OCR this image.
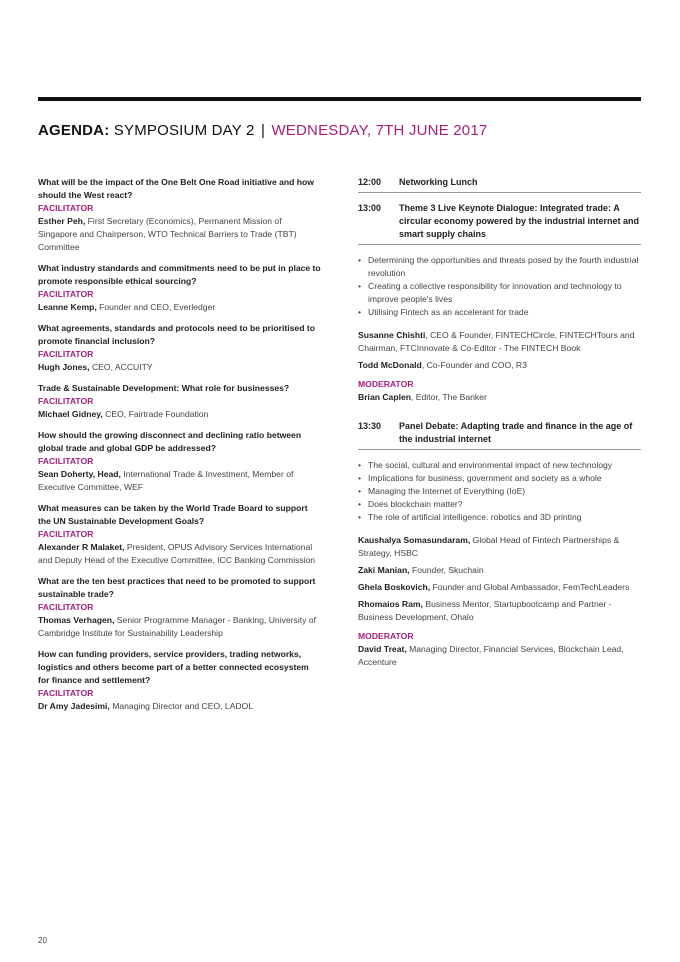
AGENDA: SYMPOSIUM DAY 2 | WEDNESDAY, 7TH JUNE 2017
What will be the impact of the One Belt One Road initiative and how should the West react?
FACILITATOR
Esther Peh, First Secretary (Economics), Permanent Mission of Singapore and Chairperson, WTO Technical Barriers to Trade (TBT) Committee
What industry standards and commitments need to be put in place to promote responsible ethical sourcing?
FACILITATOR
Leanne Kemp, Founder and CEO, Everledger
What agreements, standards and protocols need to be prioritised to promote financial inclusion?
FACILITATOR
Hugh Jones, CEO, ACCUITY
Trade & Sustainable Development: What role for businesses?
FACILITATOR
Michael Gidney, CEO, Fairtrade Foundation
How should the growing disconnect and declining ratio between global trade and global GDP be addressed?
FACILITATOR
Sean Doherty, Head, International Trade & Investment, Member of Executive Committee, WEF
What measures can be taken by the World Trade Board to support the UN Sustainable Development Goals?
FACILITATOR
Alexander R Malaket, President, OPUS Advisory Services International and Deputy Head of the Executive Committee, ICC Banking Commission
What are the ten best practices that need to be promoted to support sustainable trade?
FACILITATOR
Thomas Verhagen, Senior Programme Manager - Banking, University of Cambridge Institute for Sustainability Leadership
How can funding providers, service providers, trading networks, logistics and others become part of a better connected ecosystem for finance and settlement?
FACILITATOR
Dr Amy Jadesimi, Managing Director and CEO, LADOL
12:00	Networking Lunch
13:00	Theme 3 Live Keynote Dialogue: Integrated trade: A circular economy powered by the industrial internet and smart supply chains
• Determining the opportunities and threats posed by the fourth industrial revolution
• Creating a collective responsibility for innovation and technology to improve people's lives
• Utilising Fintech as an accelerant for trade
Susanne Chishti, CEO & Founder, FINTECHCircle, FINTECHTours and Chairman, FTCInnovate & Co-Editor - The FINTECH Book
Todd McDonald, Co-Founder and COO, R3
MODERATOR
Brian Caplen, Editor, The Banker
13:30	Panel Debate: Adapting trade and finance in the age of the industrial internet
• The social, cultural and environmental impact of new technology
• Implications for business, government and society as a whole
• Managing the Internet of Everything (IoE)
• Does blockchain matter?
• The role of artificial intelligence. robotics and 3D printing
Kaushalya Somasundaram, Global Head of Fintech Partnerships & Strategy, HSBC
Zaki Manian, Founder, Skuchain
Ghela Boskovich, Founder and Global Ambassador, FemTechLeaders
Rhomaios Ram, Business Mentor, Startupbootcamp and Partner - Business Development, Ohalo
MODERATOR
David Treat, Managing Director, Financial Services, Blockchain Lead, Accenture
20
